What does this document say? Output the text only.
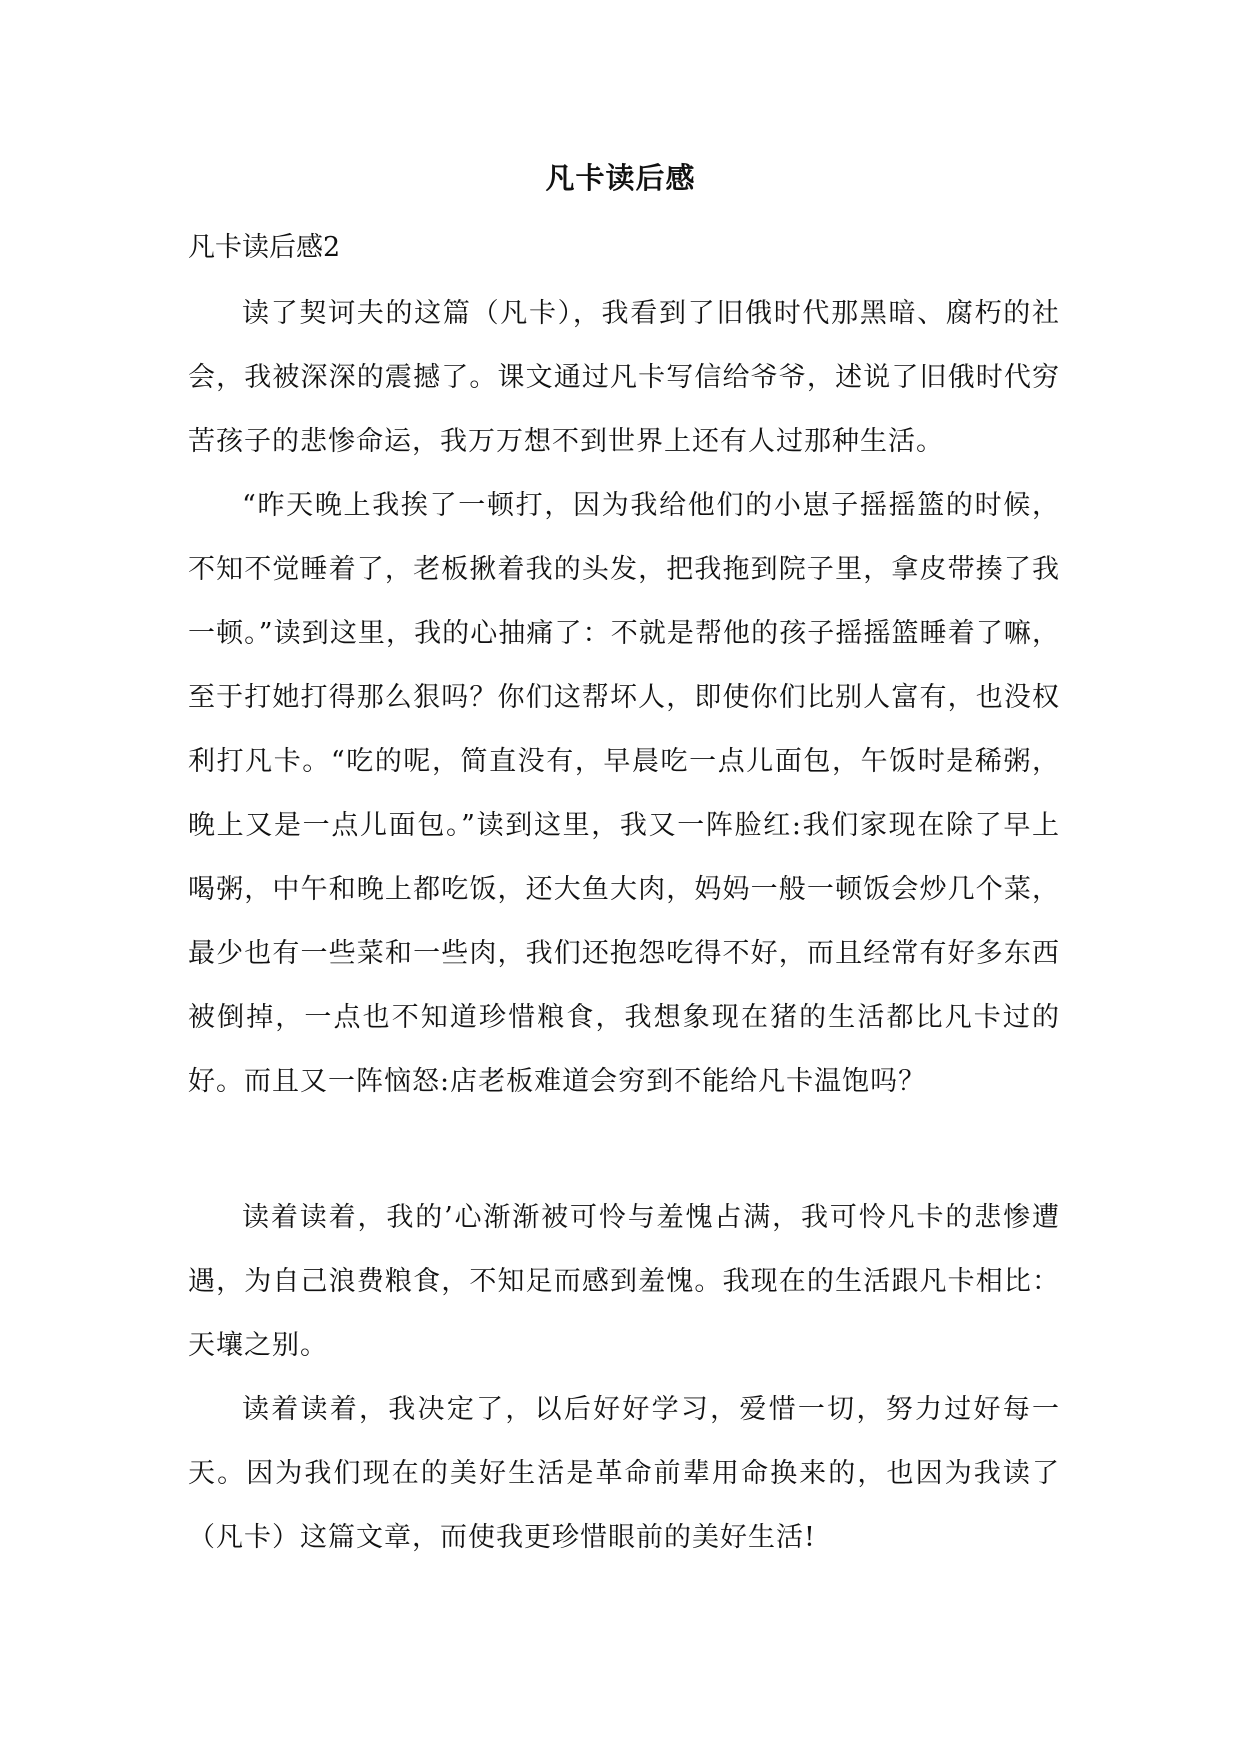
凡卡读后感
凡卡读后感2

读了契诃夫的这篇（凡卡），我看到了旧俄时代那黑暗、腐朽的社会，我被深深的震撼了。课文通过凡卡写信给爷爷，述说了旧俄时代穷苦孩子的悲惨命运，我万万想不到世界上还有人过那种生活。

“昨天晚上我挨了一顿打，因为我给他们的小崽子摇摇篮的时候，不知不觉睡着了，老板揪着我的头发，把我拖到院子里，拿皮带揍了我一顿。”读到这里，我的心抽痛了：不就是帮他的孩子摇摇篮睡着了嘛，至于打她打得那么狠吗？你们这帮坏人，即使你们比别人富有，也没权利打凡卡。“吃的呢，简直没有，早晨吃一点儿面包，午饭时是稀粥，晚上又是一点儿面包。”读到这里，我又一阵脸红:我们家现在除了早上喝粥，中午和晚上都吃饭，还大鱼大肉，妈妈一般一顿饭会炒几个菜，最少也有一些菜和一些肉，我们还抱怨吃得不好，而且经常有好多东西被倒掉，一点也不知道珍惜粮食，我想象现在猪的生活都比凡卡过的好。而且又一阵恼怒:店老板难道会穷到不能给凡卡温饱吗？

读着读着，我的’心渐渐被可怜与羞愧占满，我可怜凡卡的悲惨遭遇，为自己浪费粮食，不知足而感到羞愧。我现在的生活跟凡卡相比：天壤之别。

读着读着，我决定了，以后好好学习，爱惜一切，努力过好每一天。因为我们现在的美好生活是革命前辈用命换来的，也因为我读了（凡卡）这篇文章，而使我更珍惜眼前的美好生活!
